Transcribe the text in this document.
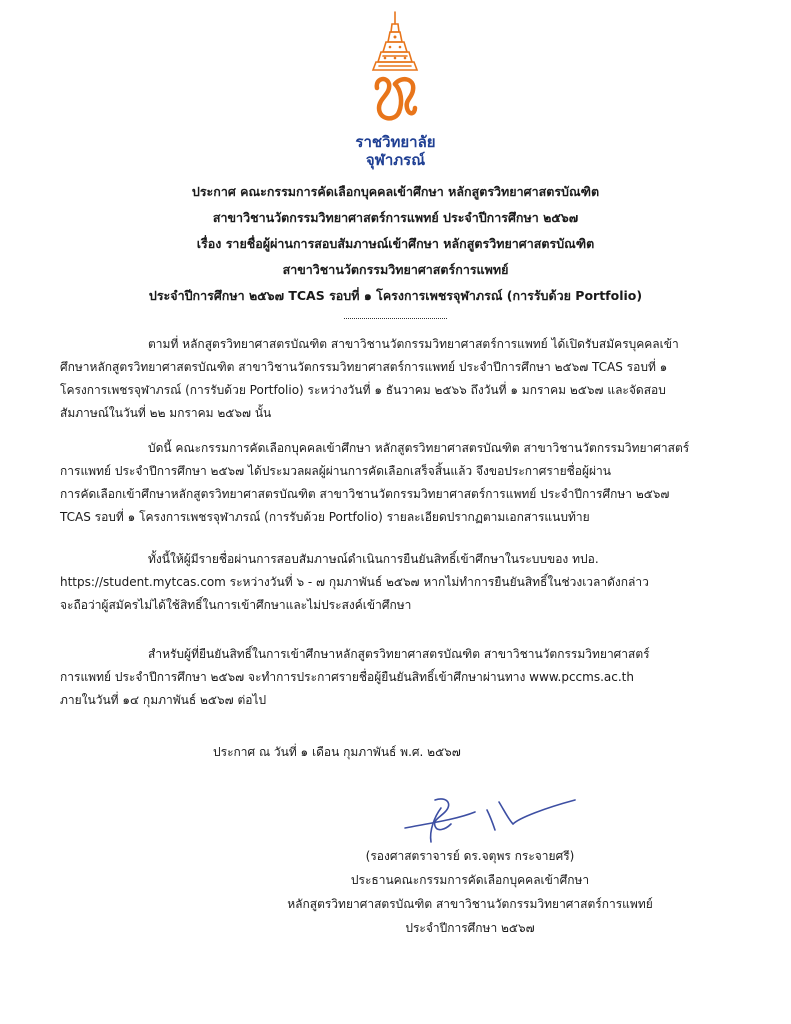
ราชวิทยาลัย
จุฬาภรณ์
ประกาศ คณะกรรมการคัดเลือกบุคคลเข้าศึกษา หลักสูตรวิทยาศาสตรบัณฑิต
สาขาวิชานวัตกรรมวิทยาศาสตร์การแพทย์ ประจำปีการศึกษา ๒๕๖๗
เรื่อง รายชื่อผู้ผ่านการสอบสัมภาษณ์เข้าศึกษา หลักสูตรวิทยาศาสตรบัณฑิต
สาขาวิชานวัตกรรมวิทยาศาสตร์การแพทย์
ประจำปีการศึกษา ๒๕๖๗ TCAS รอบที่ ๑ โครงการเพชรจุฬาภรณ์ (การรับด้วย Portfolio)
ตามที่ หลักสูตรวิทยาศาสตรบัณฑิต สาขาวิชานวัตกรรมวิทยาศาสตร์การแพทย์ ได้เปิดรับสมัครบุคคลเข้า
ศึกษาหลักสูตรวิทยาศาสตรบัณฑิต สาขาวิชานวัตกรรมวิทยาศาสตร์การแพทย์ ประจำปีการศึกษา ๒๕๖๗ TCAS รอบที่ ๑
โครงการเพชรจุฬาภรณ์ (การรับด้วย Portfolio) ระหว่างวันที่ ๑ ธันวาคม ๒๕๖๖ ถึงวันที่ ๑ มกราคม ๒๕๖๗ และจัดสอบ
สัมภาษณ์ในวันที่ ๒๒ มกราคม ๒๕๖๗ นั้น
บัดนี้ คณะกรรมการคัดเลือกบุคคลเข้าศึกษา หลักสูตรวิทยาศาสตรบัณฑิต สาขาวิชานวัตกรรมวิทยาศาสตร์
การแพทย์ ประจำปีการศึกษา ๒๕๖๗ ได้ประมวลผลผู้ผ่านการคัดเลือกเสร็จสิ้นแล้ว จึงขอประกาศรายชื่อผู้ผ่าน
การคัดเลือกเข้าศึกษาหลักสูตรวิทยาศาสตรบัณฑิต สาขาวิชานวัตกรรมวิทยาศาสตร์การแพทย์ ประจำปีการศึกษา ๒๕๖๗
TCAS รอบที่ ๑ โครงการเพชรจุฬาภรณ์ (การรับด้วย Portfolio) รายละเอียดปรากฏตามเอกสารแนบท้าย
ทั้งนี้ให้ผู้มีรายชื่อผ่านการสอบสัมภาษณ์ดำเนินการยืนยันสิทธิ์เข้าศึกษาในระบบของ ทปอ.
https://student.mytcas.com ระหว่างวันที่ ๖ - ๗ กุมภาพันธ์ ๒๕๖๗ หากไม่ทำการยืนยันสิทธิ์ในช่วงเวลาดังกล่าว
จะถือว่าผู้สมัครไม่ได้ใช้สิทธิ์ในการเข้าศึกษาและไม่ประสงค์เข้าศึกษา
สำหรับผู้ที่ยืนยันสิทธิ์ในการเข้าศึกษาหลักสูตรวิทยาศาสตรบัณฑิต สาขาวิชานวัตกรรมวิทยาศาสตร์
การแพทย์ ประจำปีการศึกษา ๒๕๖๗ จะทำการประกาศรายชื่อผู้ยืนยันสิทธิ์เข้าศึกษาผ่านทาง www.pccms.ac.th
ภายในวันที่ ๑๔ กุมภาพันธ์ ๒๕๖๗ ต่อไป
ประกาศ ณ วันที่ ๑ เดือน กุมภาพันธ์ พ.ศ. ๒๕๖๗
(รองศาสตราจารย์ ดร.จตุพร กระจายศรี)
ประธานคณะกรรมการคัดเลือกบุคคลเข้าศึกษา
หลักสูตรวิทยาศาสตรบัณฑิต สาขาวิชานวัตกรรมวิทยาศาสตร์การแพทย์
ประจำปีการศึกษา ๒๕๖๗
